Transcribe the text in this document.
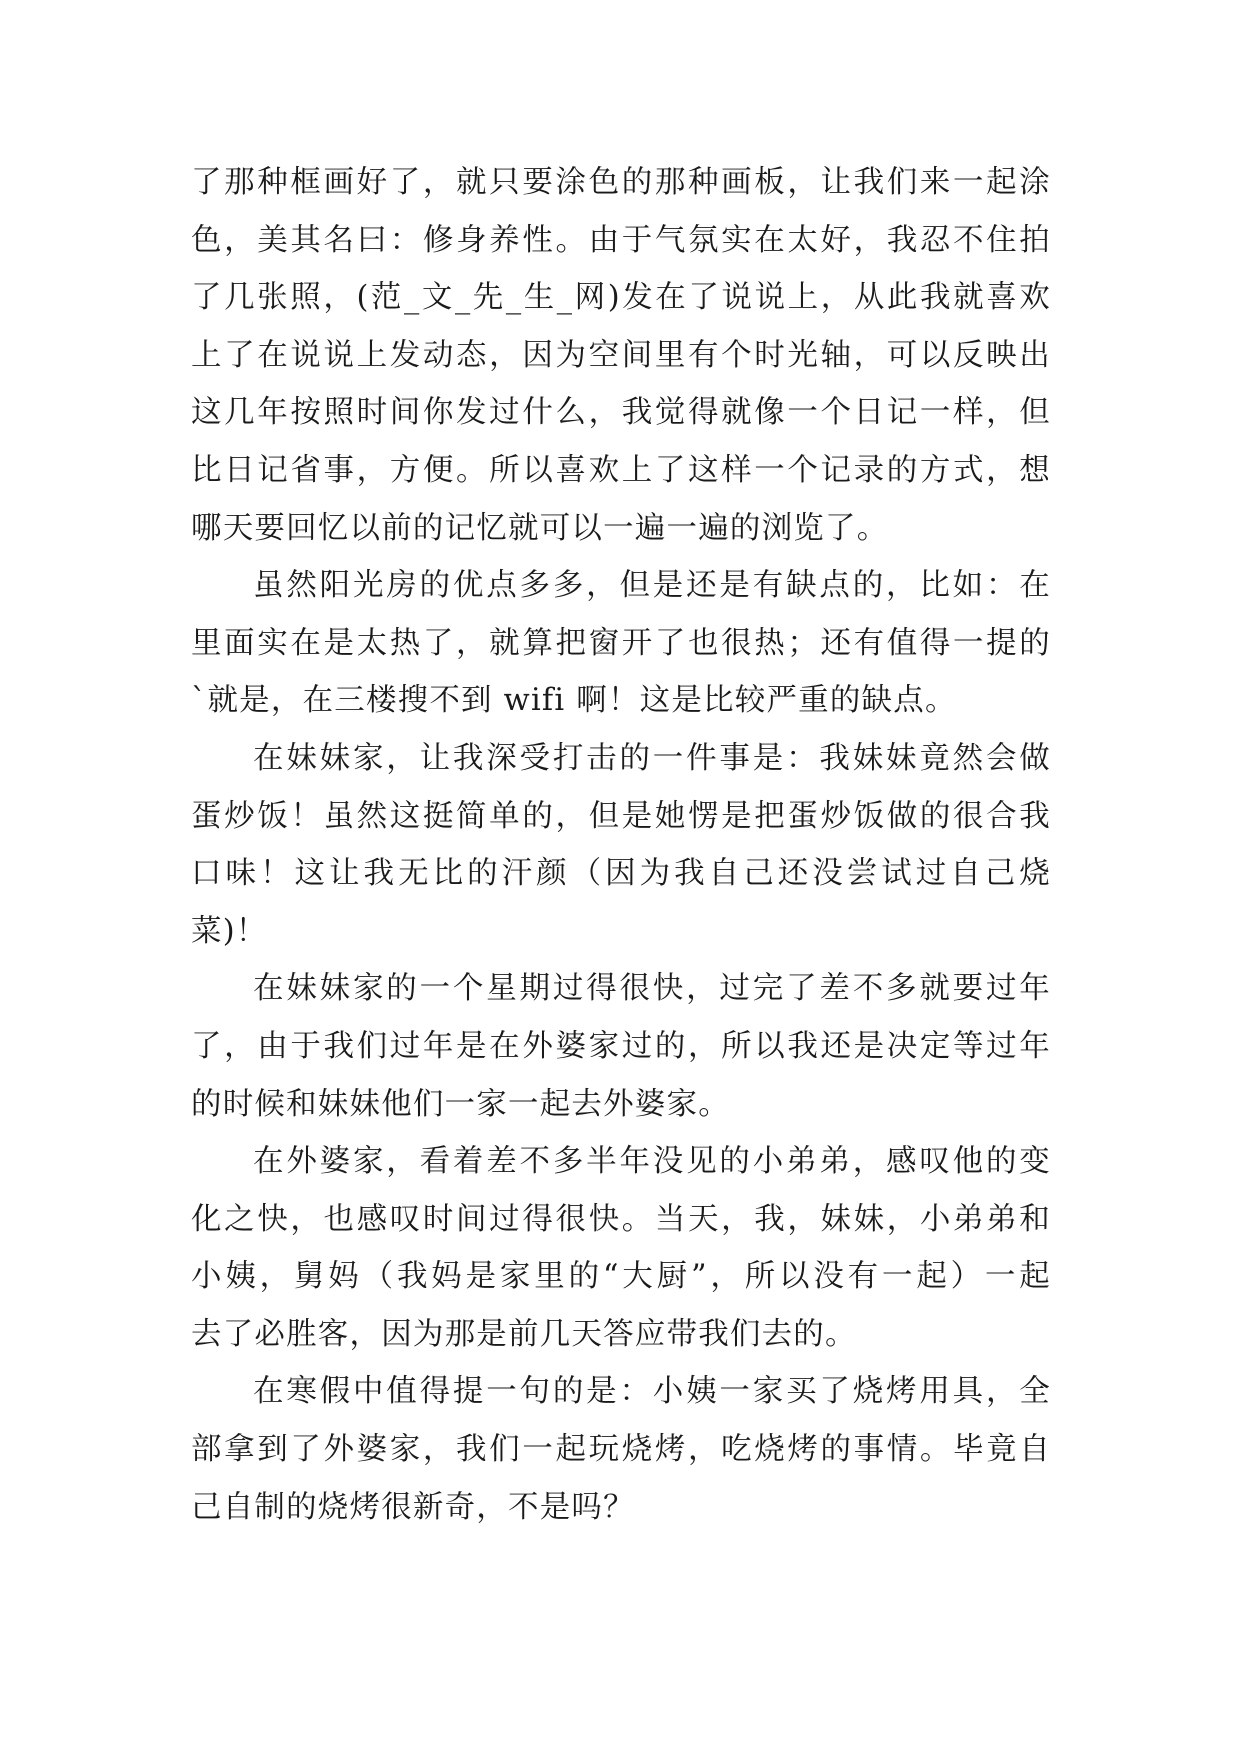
了那种框画好了，就只要涂色的那种画板，让我们来一起涂
色，美其名曰：修身养性。由于气氛实在太好，我忍不住拍
了几张照，(范_文_先_生_网)发在了说说上，从此我就喜欢
上了在说说上发动态，因为空间里有个时光轴，可以反映出
这几年按照时间你发过什么，我觉得就像一个日记一样，但
比日记省事，方便。所以喜欢上了这样一个记录的方式，想
哪天要回忆以前的记忆就可以一遍一遍的浏览了。
虽然阳光房的优点多多，但是还是有缺点的，比如：在
里面实在是太热了，就算把窗开了也很热；还有值得一提的
`就是，在三楼搜不到 wifi 啊！这是比较严重的缺点。
在妹妹家，让我深受打击的一件事是：我妹妹竟然会做
蛋炒饭！虽然这挺简单的，但是她愣是把蛋炒饭做的很合我
口味！这让我无比的汗颜（因为我自己还没尝试过自己烧
菜)！
在妹妹家的一个星期过得很快，过完了差不多就要过年
了，由于我们过年是在外婆家过的，所以我还是决定等过年
的时候和妹妹他们一家一起去外婆家。
在外婆家，看着差不多半年没见的小弟弟，感叹他的变
化之快，也感叹时间过得很快。当天，我，妹妹，小弟弟和
小姨，舅妈（我妈是家里的“大厨”，所以没有一起）一起
去了必胜客，因为那是前几天答应带我们去的。
在寒假中值得提一句的是：小姨一家买了烧烤用具，全
部拿到了外婆家，我们一起玩烧烤，吃烧烤的事情。毕竟自
己自制的烧烤很新奇，不是吗？
